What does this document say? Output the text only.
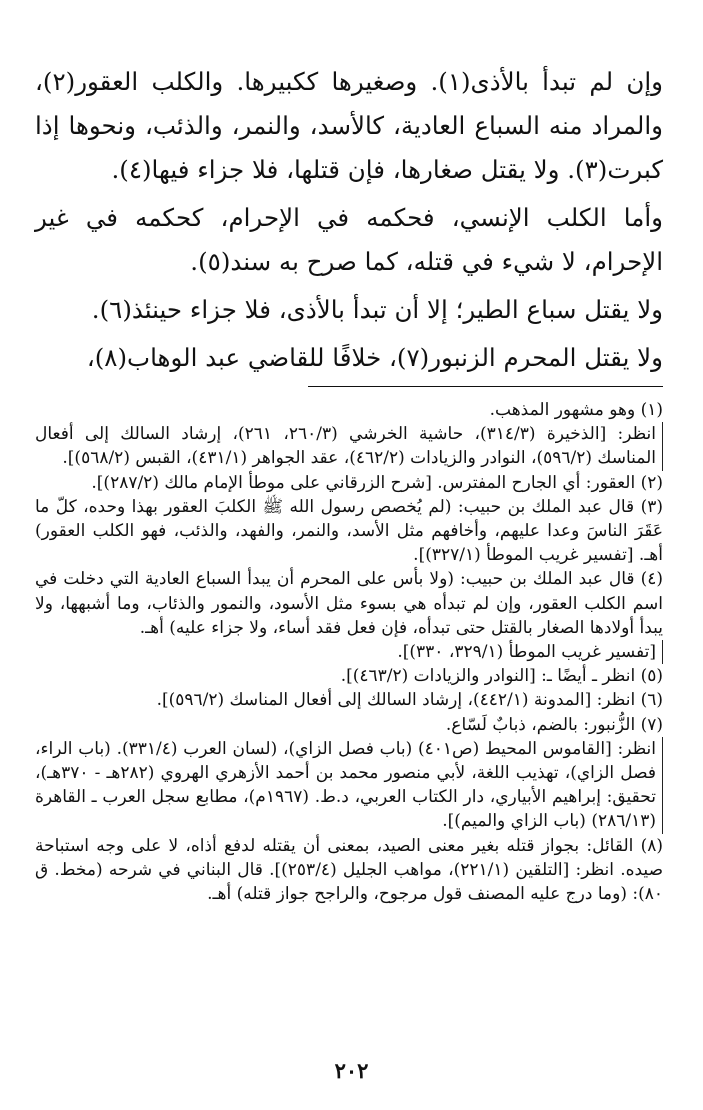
وإن لم تبدأ بالأذى(١). وصغيرها ككبيرها. والكلب العقور(٢)، والمراد منه السباع العادية، كالأسد، والنمر، والذئب، ونحوها إذا كبرت(٣). ولا يقتل صغارها، فإن قتلها، فلا جزاء فيها(٤).

وأما الكلب الإنسي، فحكمه في الإحرام، كحكمه في غير الإحرام، لا شيء في قتله، كما صرح به سند(٥).

ولا يقتل سباع الطير؛ إلا أن تبدأ بالأذى، فلا جزاء حينئذ(٦).

ولا يقتل المحرم الزنبور(٧)، خلافًا للقاضي عبد الوهاب(٨)،

(١) وهو مشهور المذهب.
انظر: [الذخيرة (٣١٤/٣)، حاشية الخرشي (٢٦٠/٣، ٢٦١)، إرشاد السالك إلى أفعال المناسك (٥٩٦/٢)، النوادر والزيادات (٤٦٢/٢)، عقد الجواهر (٤٣١/١)، القبس (٥٦٨/٢)].
(٢) العقور: أي الجارح المفترس. [شرح الزرقاني على موطأ الإمام مالك (٢٨٧/٢)].
(٣) قال عبد الملك بن حبيب: (لم يُخصص رسول الله ﷺ الكلبَ العقور بهذا وحده، كلّ ما عَقَرَ الناسَ وعدا عليهم، وأخافهم مثل الأسد، والنمر، والفهد، والذئب، فهو الكلب العقور) أهـ. [تفسير غريب الموطأ (٣٢٧/١)].
(٤) قال عبد الملك بن حبيب: (ولا بأس على المحرم أن يبدأ السباع العادية التي دخلت في اسم الكلب العقور، وإن لم تبدأه هي بسوء مثل الأسود، والنمور والذئاب، وما أشبهها، ولا يبدأ أولادها الصغار بالقتل حتى تبدأه، فإن فعل فقد أساء، ولا جزاء عليه) أهـ.
[تفسير غريب الموطأ (٣٢٩/١، ٣٣٠)].
(٥) انظر ـ أيضًا ـ: [النوادر والزيادات (٤٦٣/٢)].
(٦) انظر: [المدونة (٤٤٢/١)، إرشاد السالك إلى أفعال المناسك (٥٩٦/٢)].
(٧) الزُّنبور: بالضم، ذبابٌ لَسّاع.
انظر: [القاموس المحيط (ص٤٠١) (باب فصل الزاي)، (لسان العرب (٣٣١/٤). (باب الراء، فصل الزاي)، تهذيب اللغة، لأبي منصور محمد بن أحمد الأزهري الهروي (٢٨٢هـ - ٣٧٠هـ)، تحقيق: إبراهيم الأبياري، دار الكتاب العربي، د.ط. (١٩٦٧م)، مطابع سجل العرب ـ القاهرة (٢٨٦/١٣) (باب الزاي والميم)].
(٨) القائل: بجواز قتله بغير معنى الصيد، بمعنى أن يقتله لدفع أذاه، لا على وجه استباحة صيده. انظر: [التلقين (٢٢١/١)، مواهب الجليل (٢٥٣/٤)]. قال البناني في شرحه (مخط. ق ٨٠): (وما درج عليه المصنف قول مرجوح، والراجح جواز قتله) أهـ.
٢٠٢
